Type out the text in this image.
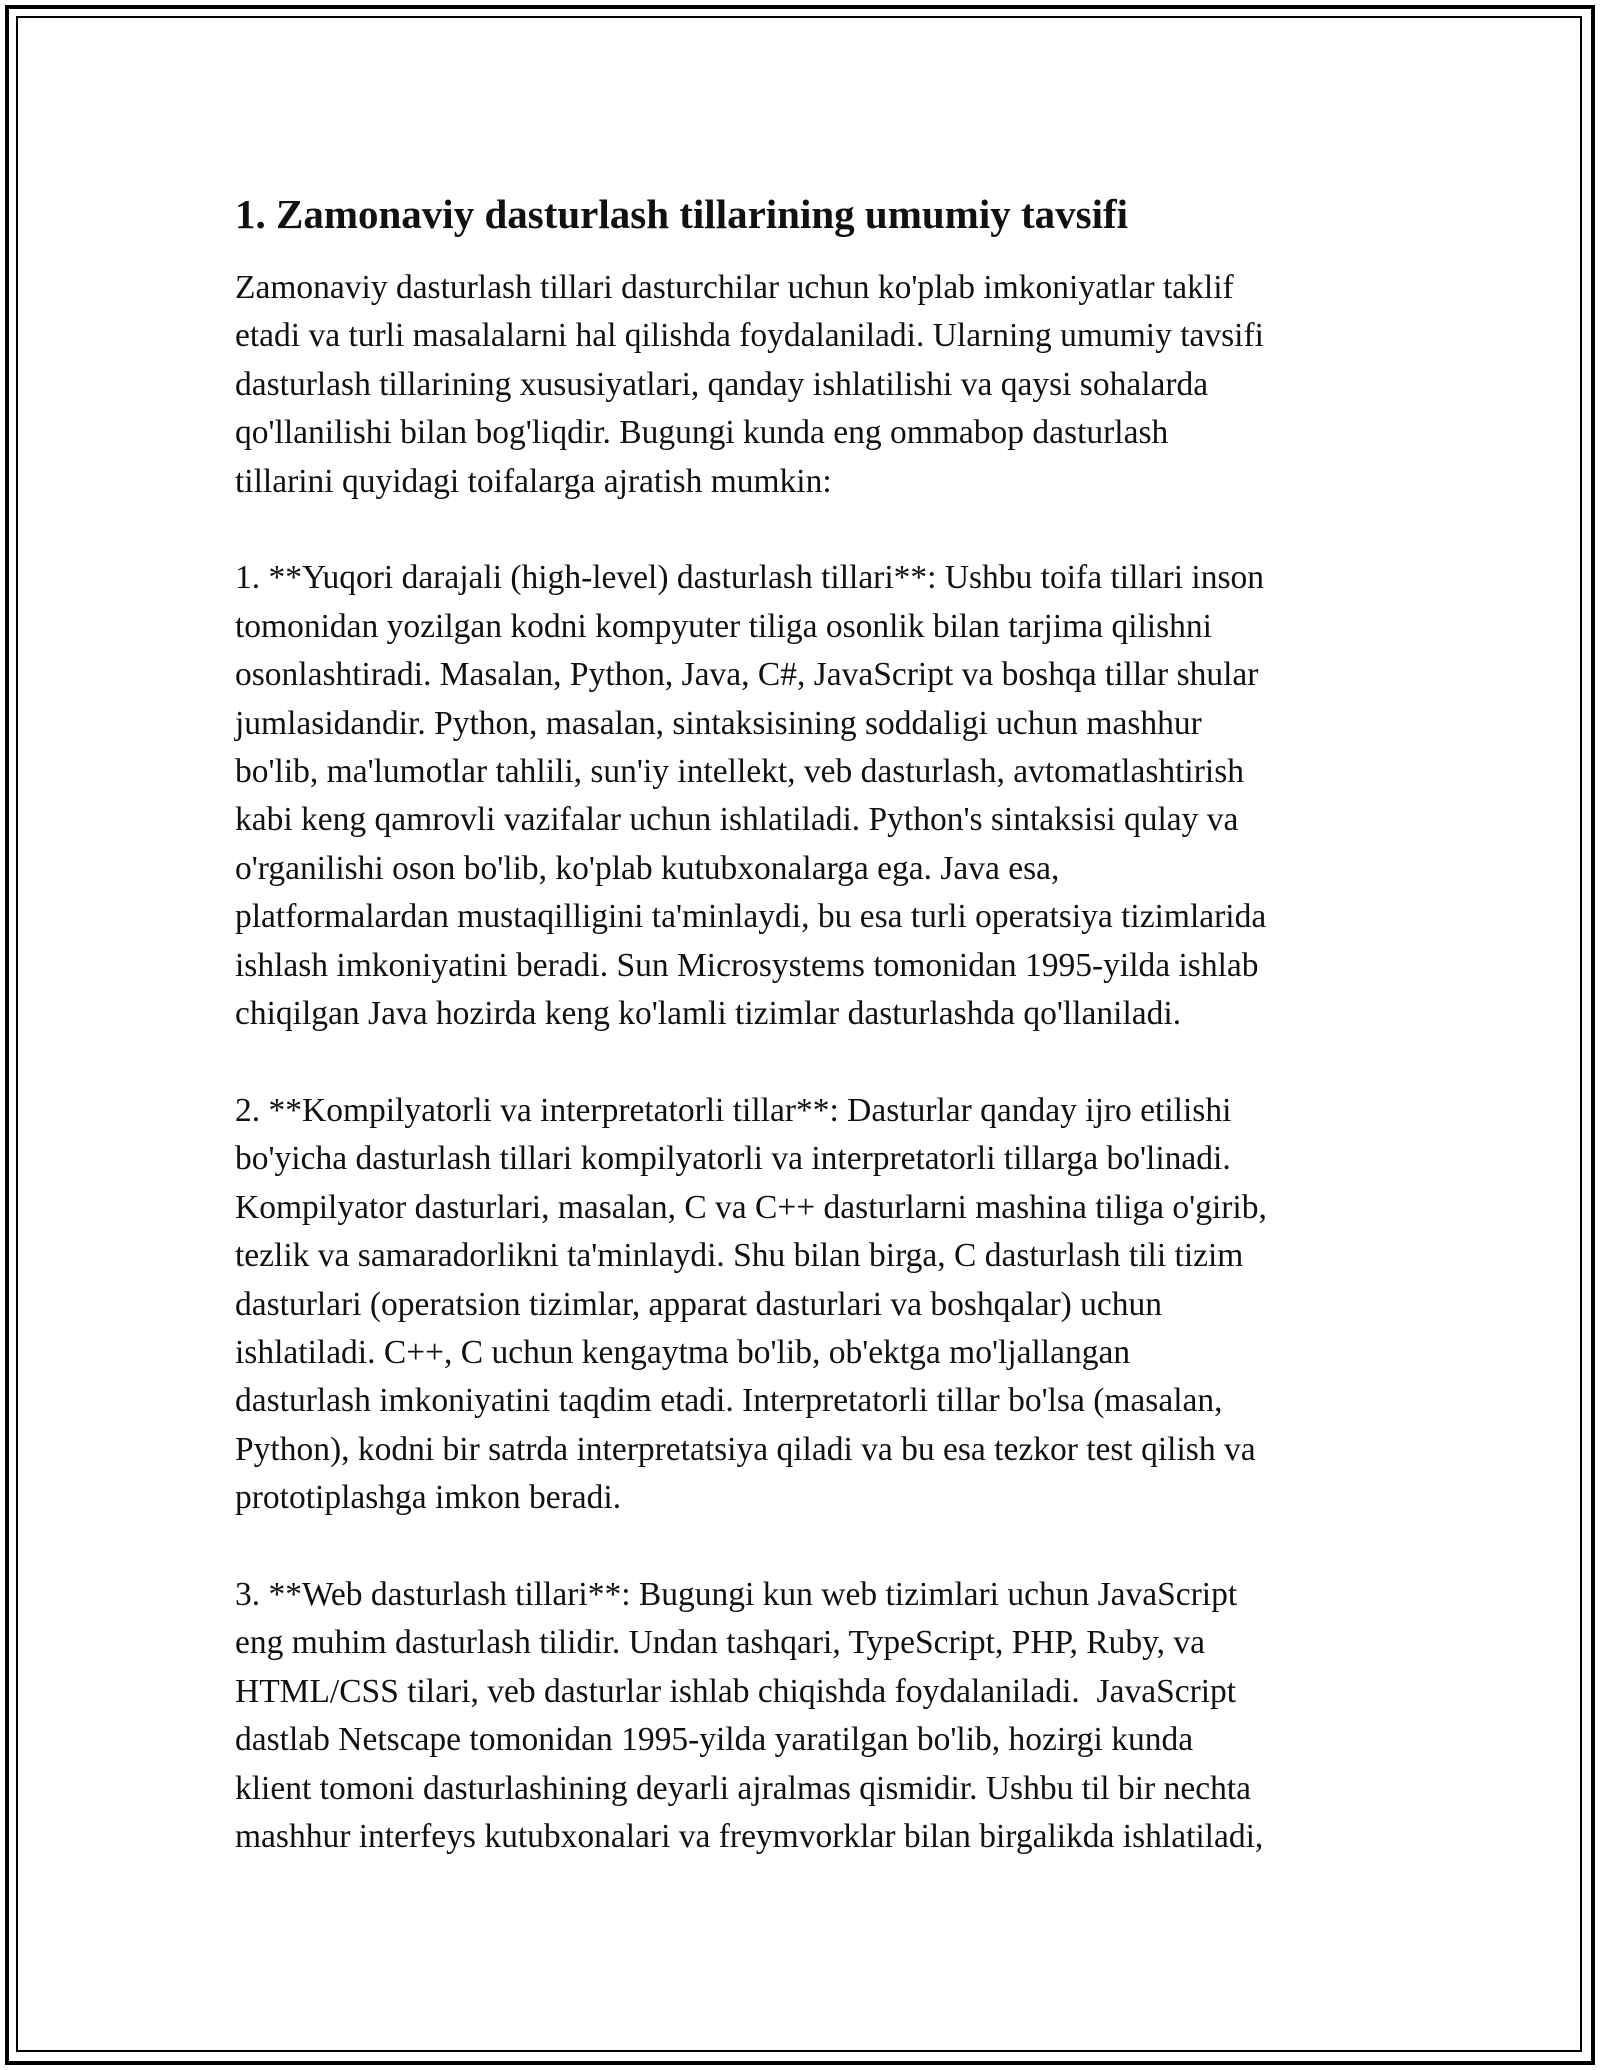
1. Zamonaviy dasturlash tillarining umumiy tavsifi

Zamonaviy dasturlash tillari dasturchilar uchun ko'plab imkoniyatlar taklif
etadi va turli masalalarni hal qilishda foydalaniladi. Ularning umumiy tavsifi
dasturlash tillarining xususiyatlari, qanday ishlatilishi va qaysi sohalarda
qo'llanilishi bilan bog'liqdir. Bugungi kunda eng ommabop dasturlash
tillarini quyidagi toifalarga ajratish mumkin:

1. **Yuqori darajali (high-level) dasturlash tillari**: Ushbu toifa tillari inson
tomonidan yozilgan kodni kompyuter tiliga osonlik bilan tarjima qilishni
osonlashtiradi. Masalan, Python, Java, C#, JavaScript va boshqa tillar shular
jumlasidandir. Python, masalan, sintaksisining soddaligi uchun mashhur
bo'lib, ma'lumotlar tahlili, sun'iy intellekt, veb dasturlash, avtomatlashtirish
kabi keng qamrovli vazifalar uchun ishlatiladi. Python's sintaksisi qulay va
o'rganilishi oson bo'lib, ko'plab kutubxonalarga ega. Java esa,
platformalardan mustaqilligini ta'minlaydi, bu esa turli operatsiya tizimlarida
ishlash imkoniyatini beradi. Sun Microsystems tomonidan 1995-yilda ishlab
chiqilgan Java hozirda keng ko'lamli tizimlar dasturlashda qo'llaniladi.

2. **Kompilyatorli va interpretatorli tillar**: Dasturlar qanday ijro etilishi
bo'yicha dasturlash tillari kompilyatorli va interpretatorli tillarga bo'linadi.
Kompilyator dasturlari, masalan, C va C++ dasturlarni mashina tiliga o'girib,
tezlik va samaradorlikni ta'minlaydi. Shu bilan birga, C dasturlash tili tizim
dasturlari (operatsion tizimlar, apparat dasturlari va boshqalar) uchun
ishlatiladi. C++, C uchun kengaytma bo'lib, ob'ektga mo'ljallangan
dasturlash imkoniyatini taqdim etadi. Interpretatorli tillar bo'lsa (masalan,
Python), kodni bir satrda interpretatsiya qiladi va bu esa tezkor test qilish va
prototiplashga imkon beradi.

3. **Web dasturlash tillari**: Bugungi kun web tizimlari uchun JavaScript
eng muhim dasturlash tilidir. Undan tashqari, TypeScript, PHP, Ruby, va
HTML/CSS tilari, veb dasturlar ishlab chiqishda foydalaniladi.  JavaScript
dastlab Netscape tomonidan 1995-yilda yaratilgan bo'lib, hozirgi kunda
klient tomoni dasturlashining deyarli ajralmas qismidir. Ushbu til bir nechta
mashhur interfeys kutubxonalari va freymvorklar bilan birgalikda ishlatiladi,
